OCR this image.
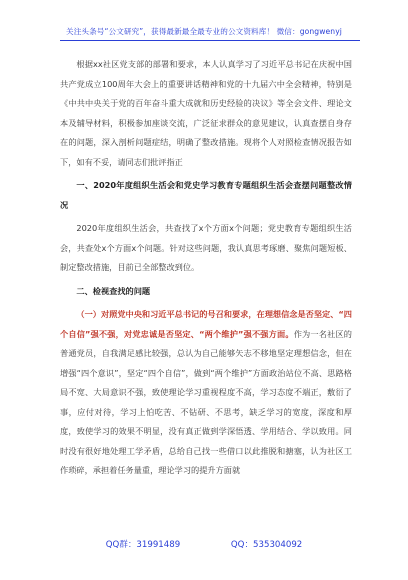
关注头条号“公文研究”，获得最新最全最专业的公文资料库！ 微信：gongwenyj

根据xx社区党支部的部署和要求，本人认真学习了习近平总书记在庆祝中国共产党成立100周年大会上的重要讲话精神和党的十九届六中全会精神，特别是《中共中央关于党的百年奋斗重大成就和历史经验的决议》等全会文件、理论文本及辅导材料，积极参加座谈交流，广泛征求群众的意见建议，认真查摆自身存在的问题，深入剖析问题症结，明确了整改措施。现将个人对照检查情况报告如下，如有不妥，请同志们批评指正

一、2020年度组织生活会和党史学习教育专题组织生活会查摆问题整改情况

2020年度组织生活会，共查找了x个方面x个问题；党史教育专题组织生活会，共查处x个方面x个问题。针对这些问题，我认真思考琢磨、聚焦问题短板、制定整改措施，目前已全部整改到位。

二、检视查找的问题

（一）对照党中央和习近平总书记的号召和要求，在理想信念是否坚定、“四个自信”强不强，对党忠诚是否坚定、“两个维护”强不强方面。作为一名社区的普通党员，自我满足感比较强，总认为自己能够矢志不移地坚定理想信念，但在增强“四个意识”，坚定“四个自信”，做到“两个维护”方面政治站位不高、思路格局不宽、大局意识不强，致使理论学习重视程度不高，学习态度不端正，敷衍了事，应付对待，学习上怕吃苦、不钻研、不思考，缺乏学习的宽度，深度和厚度，致使学习的效果不明显，没有真正做到学深悟透、学用结合、学以致用。同时没有很好地处理工学矛盾，总给自己找一些借口以此推脱和搪塞，认为社区工作琐碎，承担着任务量重，理论学习的提升方面就

QQ群：31991489	QQ：535304092
